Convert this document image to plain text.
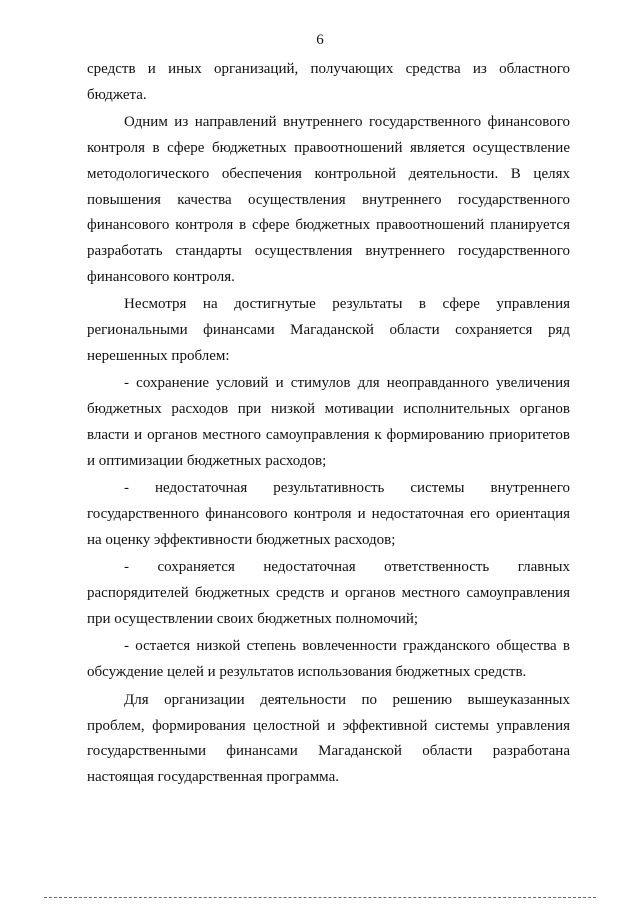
6

средств и иных организаций, получающих средства из областного бюджета.

Одним из направлений внутреннего государственного финансового контроля в сфере бюджетных правоотношений является осуществление методологического обеспечения контрольной деятельности. В целях повышения качества осуществления внутреннего государственного финансового контроля в сфере бюджетных правоотношений планируется разработать стандарты осуществления внутреннего государственного финансового контроля.

Несмотря на достигнутые результаты в сфере управления региональными финансами Магаданской области сохраняется ряд нерешенных проблем:

- сохранение условий и стимулов для неоправданного увеличения бюджетных расходов при низкой мотивации исполнительных органов власти и органов местного самоуправления к формированию приоритетов и оптимизации бюджетных расходов;

- недостаточная результативность системы внутреннего государственного финансового контроля и недостаточная его ориентация на оценку эффективности бюджетных расходов;

- сохраняется недостаточная ответственность главных распорядителей бюджетных средств и органов местного самоуправления при осуществлении своих бюджетных полномочий;

- остается низкой степень вовлеченности гражданского общества в обсуждение целей и результатов использования бюджетных средств.

Для организации деятельности по решению вышеуказанных проблем, формирования целостной и эффективной системы управления государственными финансами Магаданской области разработана настоящая государственная программа.
